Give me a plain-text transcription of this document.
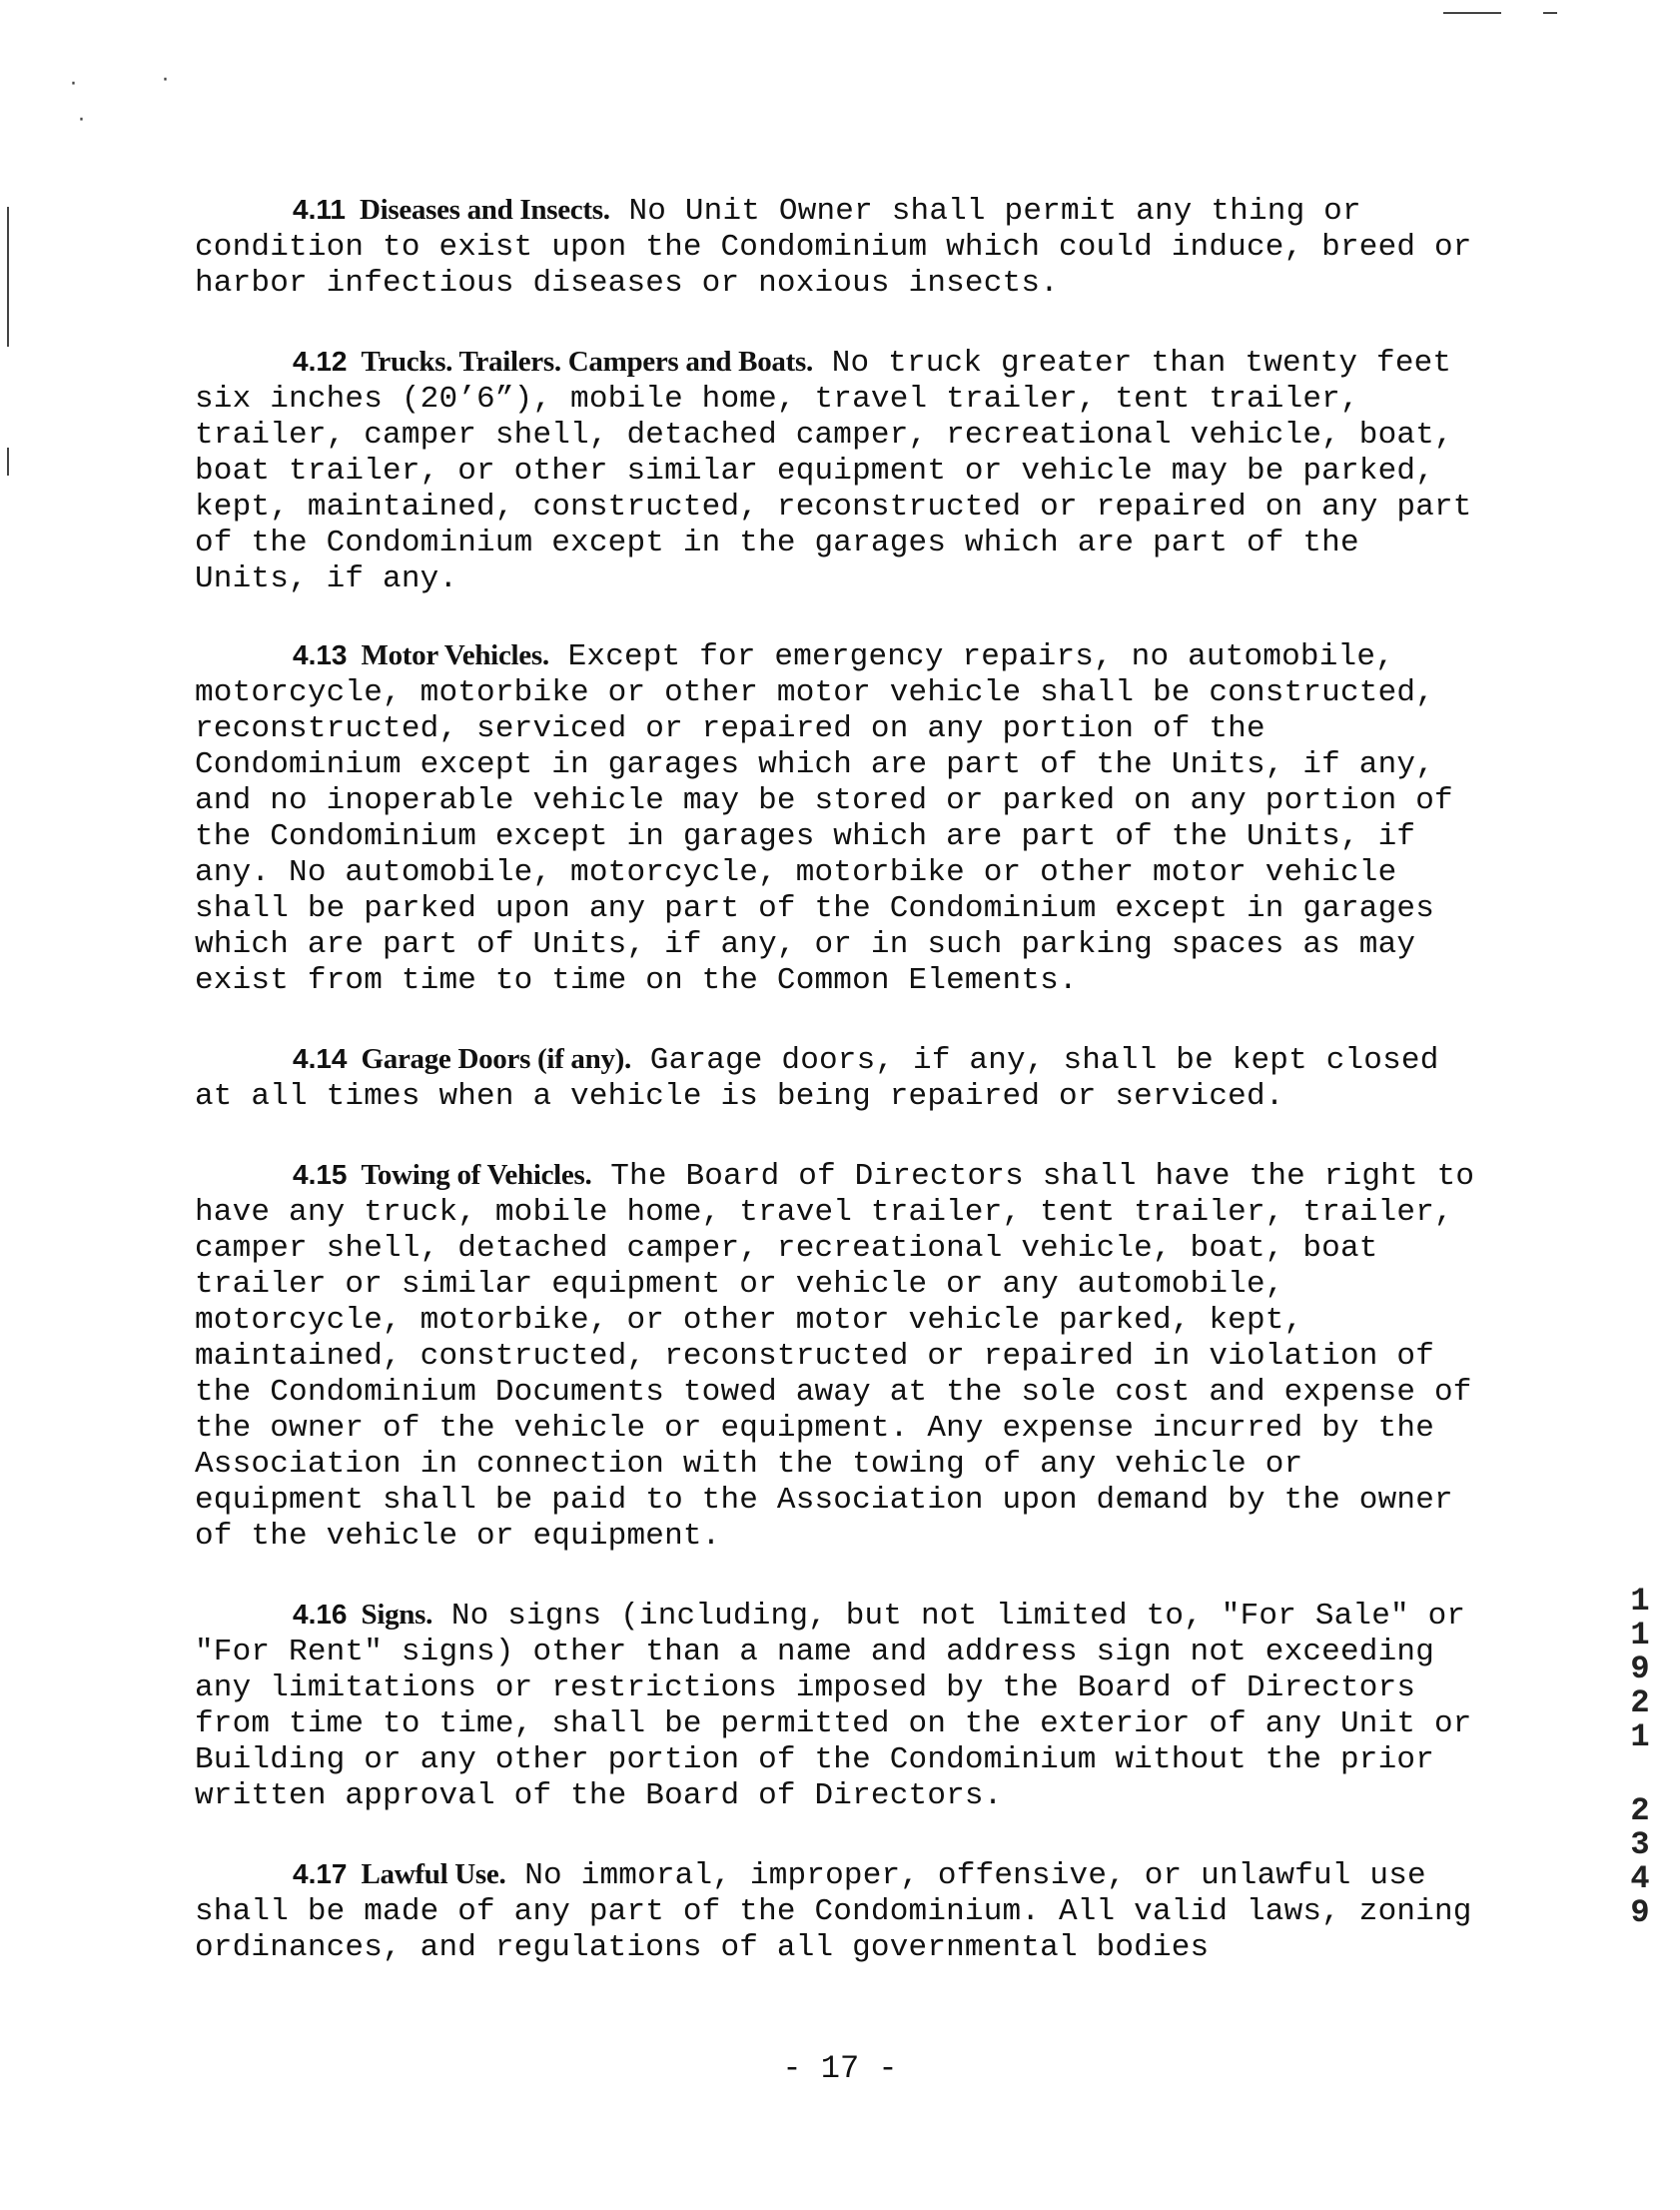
·	·
·

4.11 Diseases and Insects. No Unit Owner shall permit any thing or condition to exist upon the Condominium which could induce, breed or harbor infectious diseases or noxious insects.

4.12 Trucks. Trailers. Campers and Boats. No truck greater than twenty feet six inches (20’6”), mobile home, travel trailer, tent trailer, trailer, camper shell, detached camper, recreational vehicle, boat, boat trailer, or other similar equipment or vehicle may be parked, kept, maintained, constructed, reconstructed or repaired on any part of the Condominium except in the garages which are part of the Units, if any.

4.13 Motor Vehicles. Except for emergency repairs, no automobile, motorcycle, motorbike or other motor vehicle shall be constructed, reconstructed, serviced or repaired on any portion of the Condominium except in garages which are part of the Units, if any, and no inoperable vehicle may be stored or parked on any portion of the Condominium except in garages which are part of the Units, if any. No automobile, motorcycle, motorbike or other motor vehicle shall be parked upon any part of the Condominium except in garages which are part of Units, if any, or in such parking spaces as may exist from time to time on the Common Elements.

4.14 Garage Doors (if any). Garage doors, if any, shall be kept closed at all times when a vehicle is being repaired or serviced.

4.15 Towing of Vehicles. The Board of Directors shall have the right to have any truck, mobile home, travel trailer, tent trailer, trailer, camper shell, detached camper, recreational vehicle, boat, boat trailer or similar equipment or vehicle or any automobile, motorcycle, motorbike, or other motor vehicle parked, kept, maintained, constructed, reconstructed or repaired in violation of the Condominium Documents towed away at the sole cost and expense of the owner of the vehicle or equipment. Any expense incurred by the Association in connection with the towing of any vehicle or equipment shall be paid to the Association upon demand by the owner of the vehicle or equipment.

4.16 Signs. No signs (including, but not limited to, "For Sale" or "For Rent" signs) other than a name and address sign not exceeding any limitations or restrictions imposed by the Board of Directors from time to time, shall be permitted on the exterior of any Unit or Building or any other portion of the Condominium without the prior written approval of the Board of Directors.

4.17 Lawful Use. No immoral, improper, offensive, or unlawful use shall be made of any part of the Condominium. All valid laws, zoning ordinances, and regulations of all governmental bodies

1
1
9
2
1
2
3
4
9
- 17 -
